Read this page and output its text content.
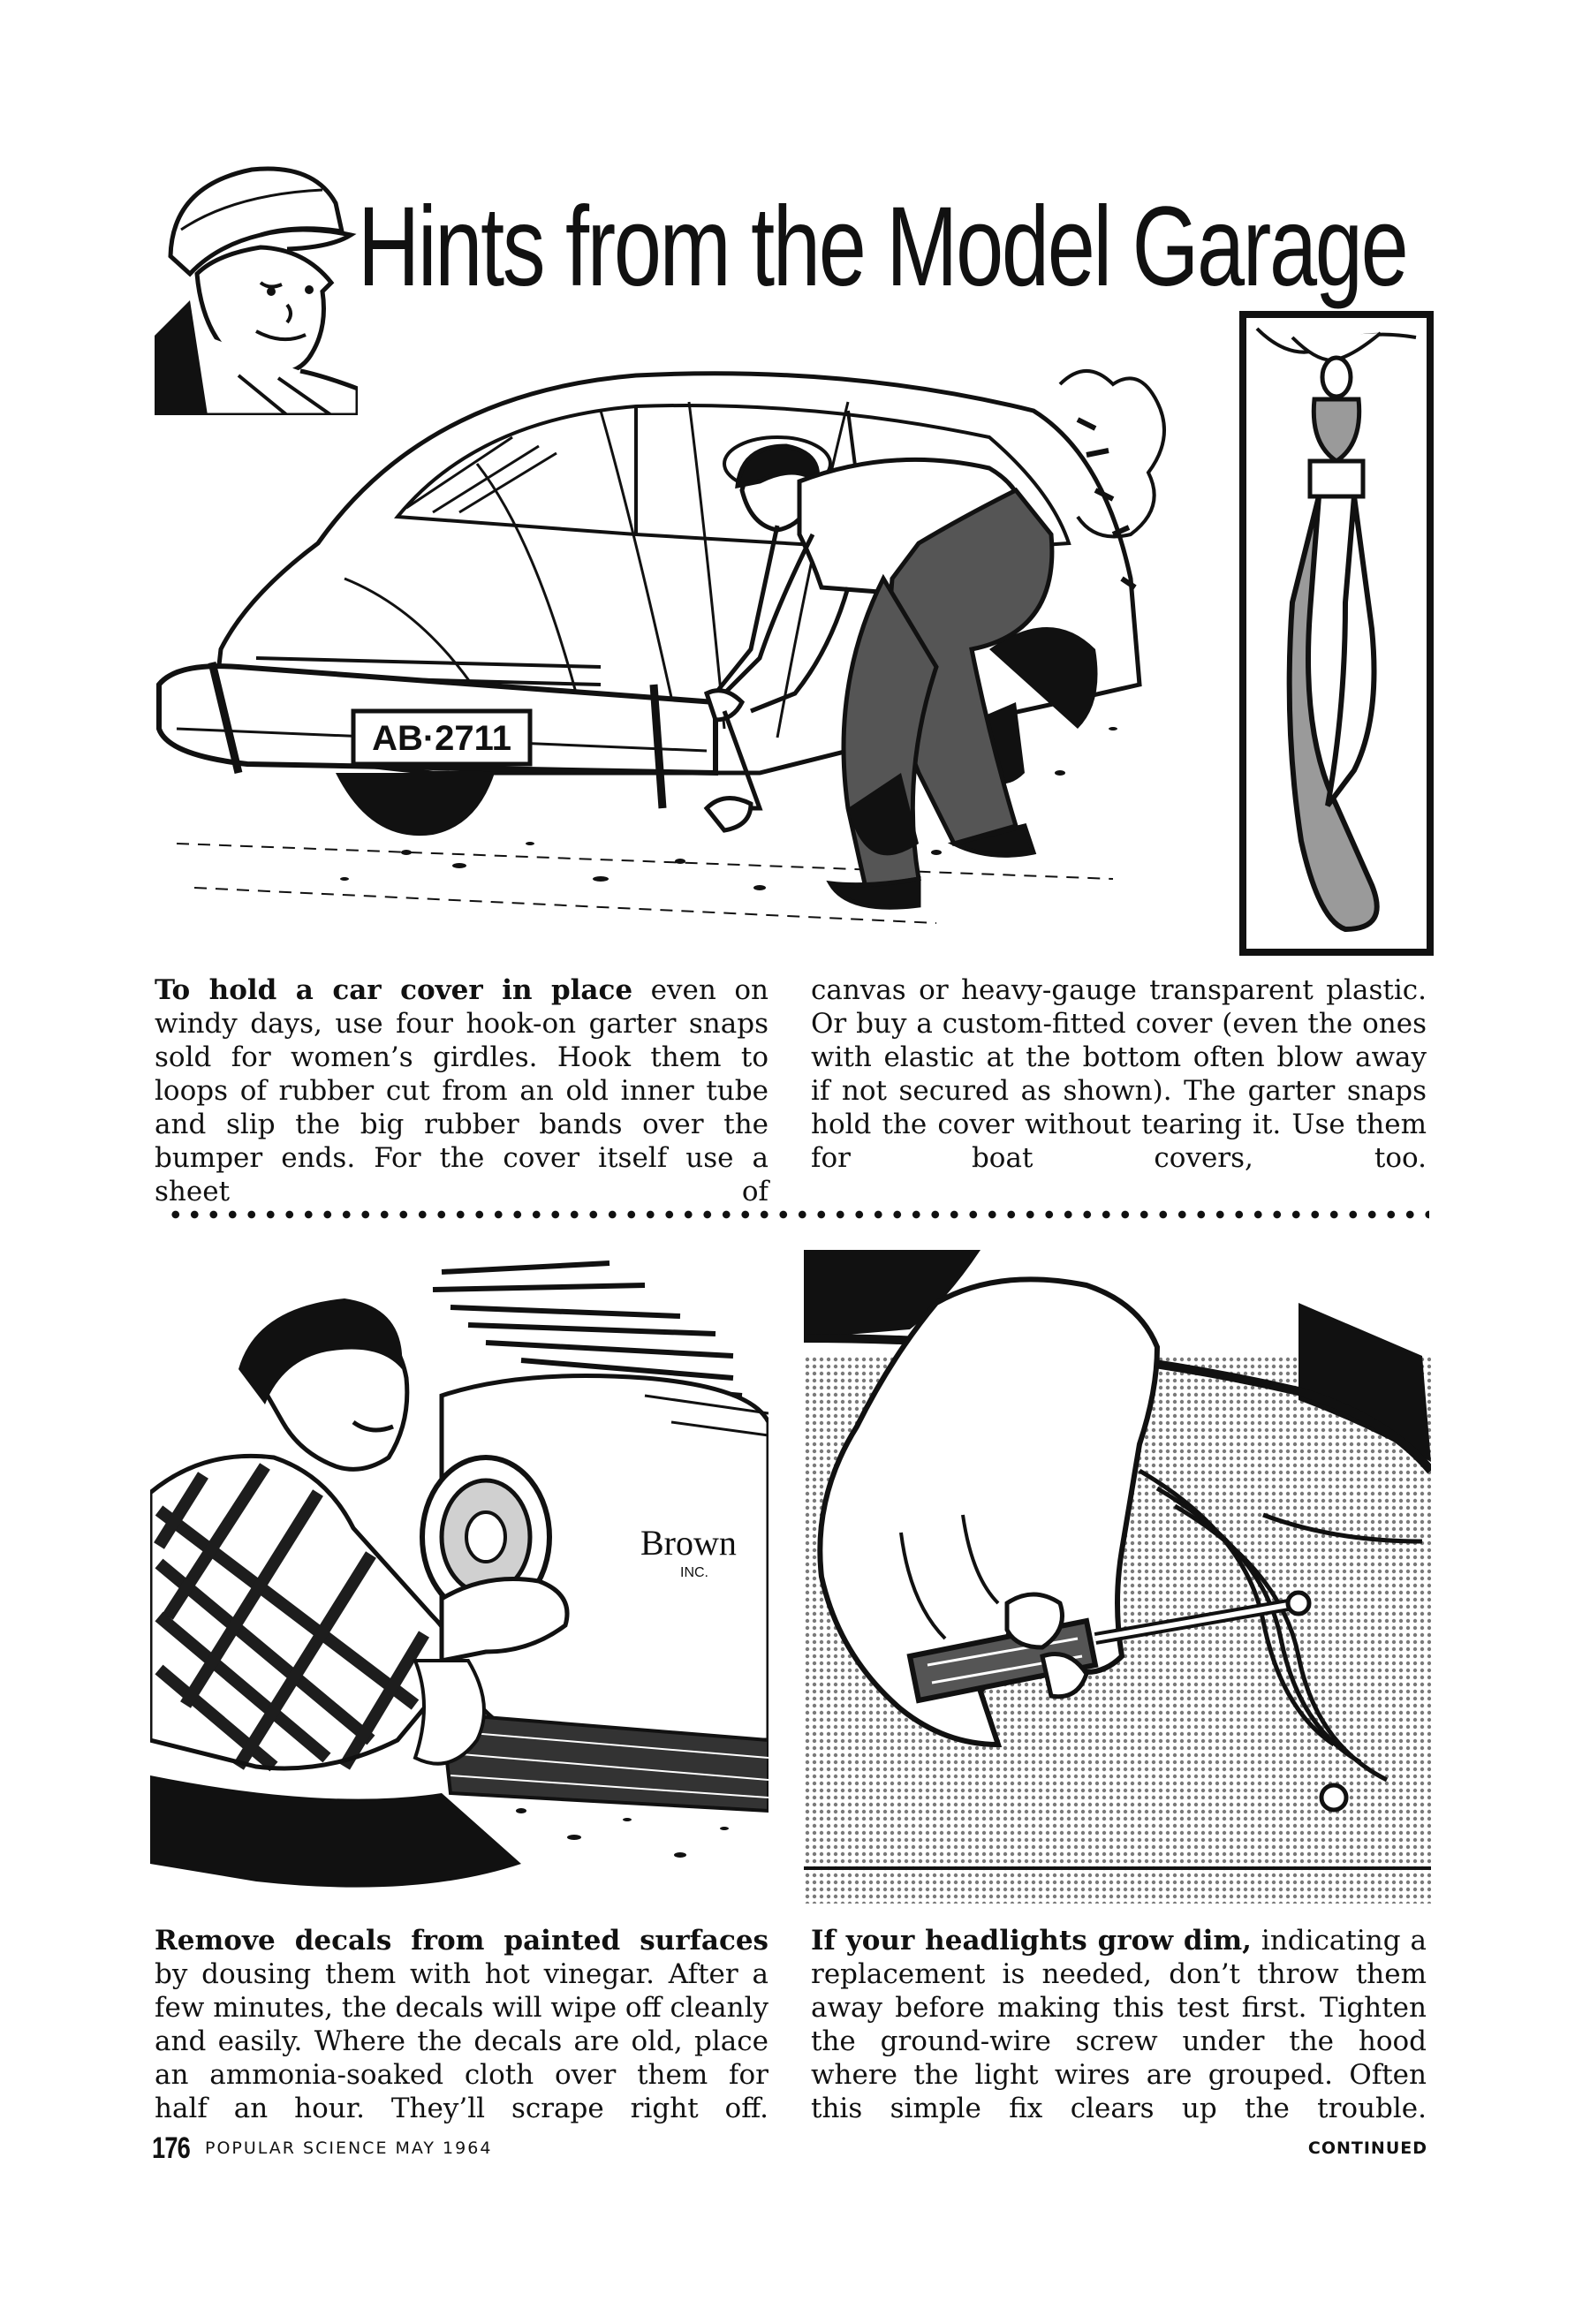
Hints from the Model Garage
AB·2711

To hold a car cover in place even on windy days, use four hook-on garter snaps sold for women’s girdles. Hook them to loops of rubber cut from an old inner tube and slip the big rubber bands over the bumper ends. For the cover itself use a sheet of

canvas or heavy-gauge transparent plastic. Or buy a custom-fitted cover (even the ones with elastic at the bottom often blow away if not secured as shown). The garter snaps hold the cover without tearing it. Use them for boat covers, too.

Brown
INC.

Remove decals from painted surfaces by dousing them with hot vinegar. After a few minutes, the decals will wipe off cleanly and easily. Where the decals are old, place an ammonia-soaked cloth over them for half an hour. They’ll scrape right off.

If your headlights grow dim, indicating a replacement is needed, don’t throw them away before making this test first. Tighten the ground-wire screw under the hood where the light wires are grouped. Often this simple fix clears up the trouble.

176 POPULAR SCIENCE MAY 1964	CONTINUED
